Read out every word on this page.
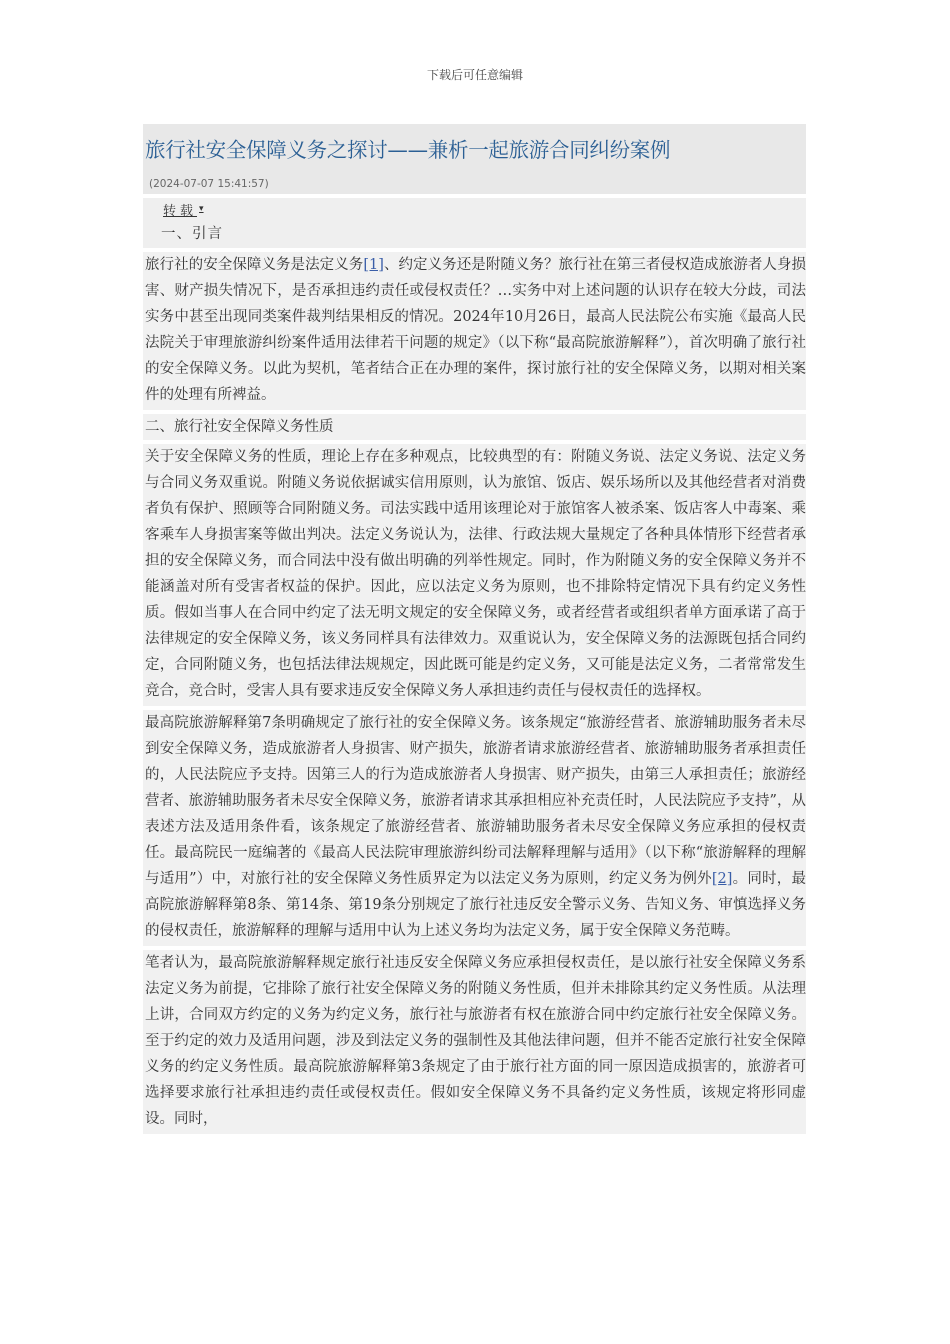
下载后可任意编辑
旅行社安全保障义务之探讨——兼析一起旅游合同纠纷案例
(2024-07-07 15:41:57)
转载 ▾
一、引言
旅行社的安全保障义务是法定义务[1]、约定义务还是附随义务？旅行社在第三者侵权造成旅游者人身损害、财产损失情况下，是否承担违约责任或侵权责任？…实务中对上述问题的认识存在较大分歧，司法实务中甚至出现同类案件裁判结果相反的情况。2024年10月26日，最高人民法院公布实施《最高人民法院关于审理旅游纠纷案件适用法律若干问题的规定》（以下称“最高院旅游解释”），首次明确了旅行社的安全保障义务。以此为契机，笔者结合正在办理的案件，探讨旅行社的安全保障义务，以期对相关案件的处理有所裨益。
二、旅行社安全保障义务性质
关于安全保障义务的性质，理论上存在多种观点，比较典型的有：附随义务说、法定义务说、法定义务与合同义务双重说。附随义务说依据诚实信用原则，认为旅馆、饭店、娱乐场所以及其他经营者对消费者负有保护、照顾等合同附随义务。司法实践中适用该理论对于旅馆客人被杀案、饭店客人中毒案、乘客乘车人身损害案等做出判决。法定义务说认为，法律、行政法规大量规定了各种具体情形下经营者承担的安全保障义务，而合同法中没有做出明确的列举性规定。同时，作为附随义务的安全保障义务并不能涵盖对所有受害者权益的保护。因此，应以法定义务为原则，也不排除特定情况下具有约定义务性质。假如当事人在合同中约定了法无明文规定的安全保障义务，或者经营者或组织者单方面承诺了高于法律规定的安全保障义务，该义务同样具有法律效力。双重说认为，安全保障义务的法源既包括合同约定，合同附随义务，也包括法律法规规定，因此既可能是约定义务，又可能是法定义务，二者常常发生竞合，竞合时，受害人具有要求违反安全保障义务人承担违约责任与侵权责任的选择权。
最高院旅游解释第7条明确规定了旅行社的安全保障义务。该条规定“旅游经营者、旅游辅助服务者未尽到安全保障义务，造成旅游者人身损害、财产损失，旅游者请求旅游经营者、旅游辅助服务者承担责任的，人民法院应予支持。因第三人的行为造成旅游者人身损害、财产损失，由第三人承担责任；旅游经营者、旅游辅助服务者未尽安全保障义务，旅游者请求其承担相应补充责任时，人民法院应予支持”，从表述方法及适用条件看，该条规定了旅游经营者、旅游辅助服务者未尽安全保障义务应承担的侵权责任。最高院民一庭编著的《最高人民法院审理旅游纠纷司法解释理解与适用》（以下称“旅游解释的理解与适用”）中，对旅行社的安全保障义务性质界定为以法定义务为原则，约定义务为例外[2]。同时，最高院旅游解释第8条、第14条、第19条分别规定了旅行社违反安全警示义务、告知义务、审慎选择义务的侵权责任，旅游解释的理解与适用中认为上述义务均为法定义务，属于安全保障义务范畴。
笔者认为，最高院旅游解释规定旅行社违反安全保障义务应承担侵权责任，是以旅行社安全保障义务系法定义务为前提，它排除了旅行社安全保障义务的附随义务性质，但并未排除其约定义务性质。从法理上讲，合同双方约定的义务为约定义务，旅行社与旅游者有权在旅游合同中约定旅行社安全保障义务。至于约定的效力及适用问题，涉及到法定义务的强制性及其他法律问题，但并不能否定旅行社安全保障义务的约定义务性质。最高院旅游解释第3条规定了由于旅行社方面的同一原因造成损害的，旅游者可选择要求旅行社承担违约责任或侵权责任。假如安全保障义务不具备约定义务性质，该规定将形同虚设。同时，
